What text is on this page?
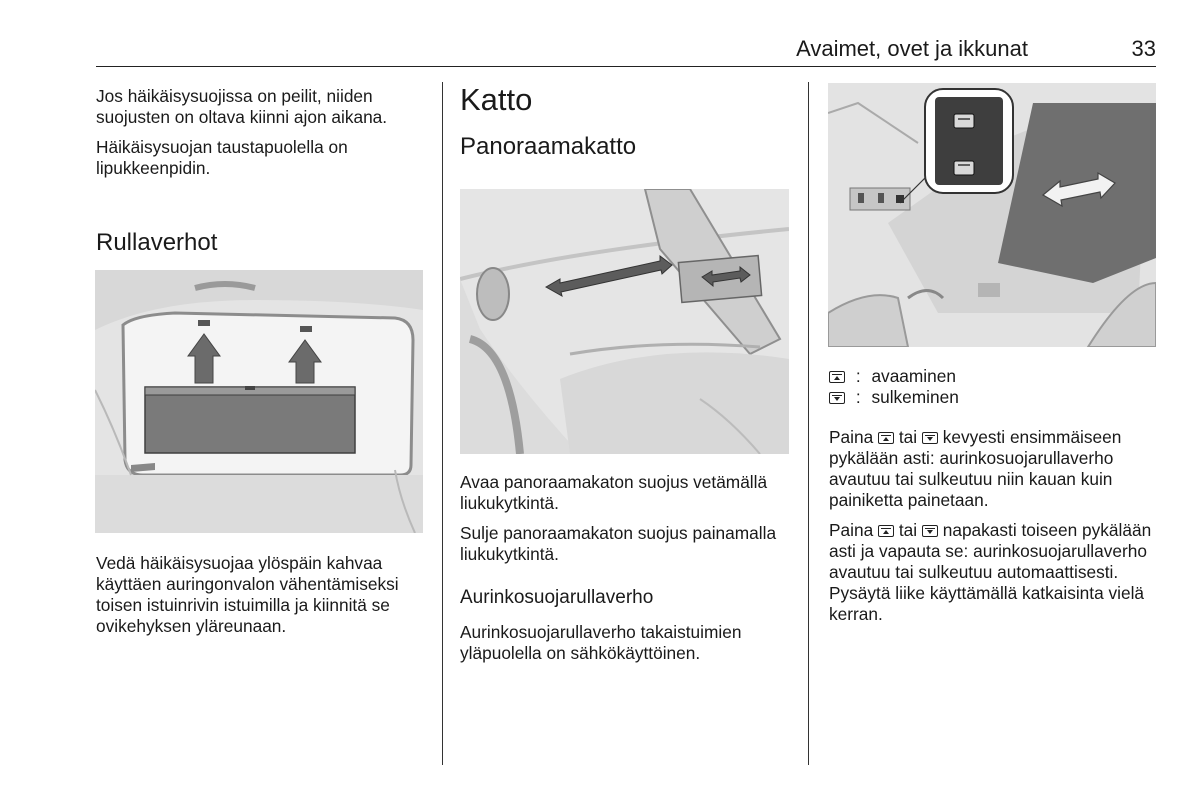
Avaimet, ovet ja ikkunat	33

Jos häikäisysuojissa on peilit, niiden suojusten on oltava kiinni ajon aikana.

Häikäisysuojan taustapuolella on lipukkeenpidin.

Rullaverhot

Vedä häikäisysuojaa ylöspäin kahvaa käyttäen auringonvalon vähentämiseksi toisen istuinrivin istuimilla ja kiinnitä se ovikehyksen yläreunaan.

Katto
Panoraamakatto

Avaa panoraamakaton suojus vetämällä liukukytkintä.

Sulje panoraamakaton suojus painamalla liukukytkintä.

Aurinkosuojarullaverho

Aurinkosuojarullaverho takaistuimien yläpuolella on sähkökäyttöinen.

: avaaminen
: sulkeminen

Paina tai kevyesti ensimmäiseen pykälään asti: aurinkosuojarullaverho avautuu tai sulkeutuu niin kauan kuin painiketta painetaan.

Paina tai napakasti toiseen pykälään asti ja vapauta se: aurinkosuojarullaverho avautuu tai sulkeutuu automaattisesti. Pysäytä liike käyttämällä katkaisinta vielä kerran.
